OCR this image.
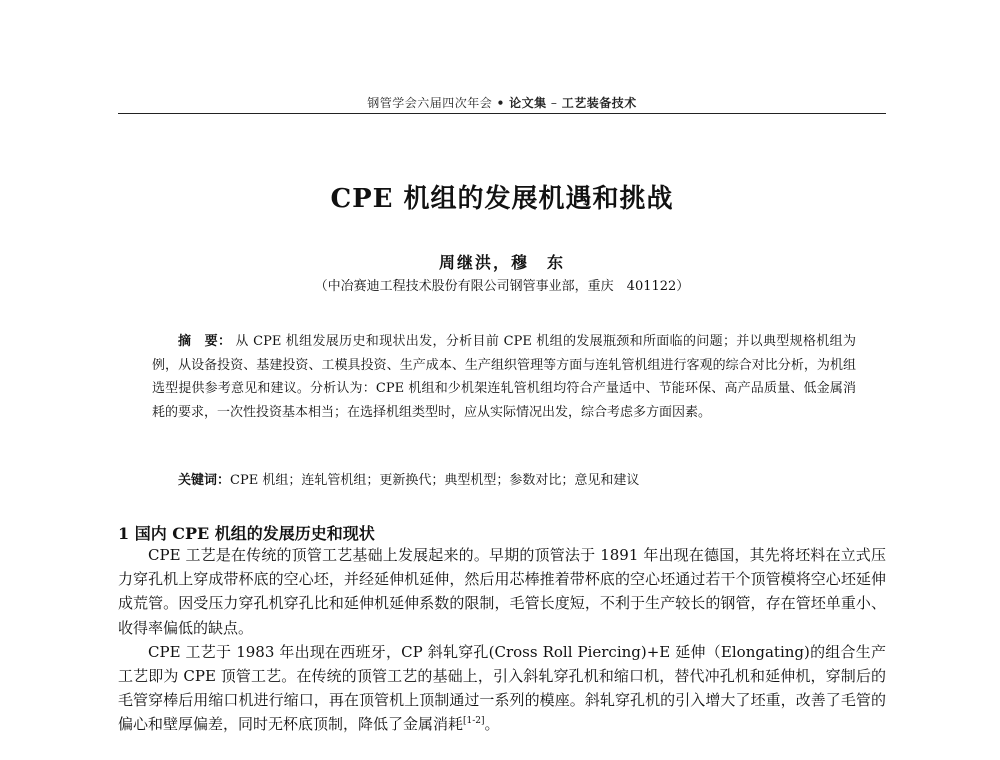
钢管学会六届四次年会 • 论文集 – 工艺装备技术
CPE 机组的发展机遇和挑战
周继洪，穆　东
（中冶赛迪工程技术股份有限公司钢管事业部，重庆　401122）
摘　要： 从 CPE 机组发展历史和现状出发，分析目前 CPE 机组的发展瓶颈和所面临的问题；并以典型规格机组为例，从设备投资、基建投资、工模具投资、生产成本、生产组织管理等方面与连轧管机组进行客观的综合对比分析，为机组选型提供参考意见和建议。分析认为：CPE 机组和少机架连轧管机组均符合产量适中、节能环保、高产品质量、低金属消耗的要求，一次性投资基本相当；在选择机组类型时，应从实际情况出发，综合考虑多方面因素。
关键词：CPE 机组；连轧管机组；更新换代；典型机型；参数对比；意见和建议
1 国内 CPE 机组的发展历史和现状

CPE 工艺是在传统的顶管工艺基础上发展起来的。早期的顶管法于 1891 年出现在德国，其先将坯料在立式压力穿孔机上穿成带杯底的空心坯，并经延伸机延伸，然后用芯棒推着带杯底的空心坯通过若干个顶管模将空心坯延伸成荒管。因受压力穿孔机穿孔比和延伸机延伸系数的限制，毛管长度短，不利于生产较长的钢管，存在管坯单重小、收得率偏低的缺点。

CPE 工艺于 1983 年出现在西班牙，CP 斜轧穿孔(Cross Roll Piercing)+E 延伸（Elongating)的组合生产工艺即为 CPE 顶管工艺。在传统的顶管工艺的基础上，引入斜轧穿孔机和缩口机，替代冲孔机和延伸机，穿制后的毛管穿棒后用缩口机进行缩口，再在顶管机上顶制通过一系列的模座。斜轧穿孔机的引入增大了坯重，改善了毛管的偏心和壁厚偏差，同时无杯底顶制，降低了金属消耗[1-2]。
